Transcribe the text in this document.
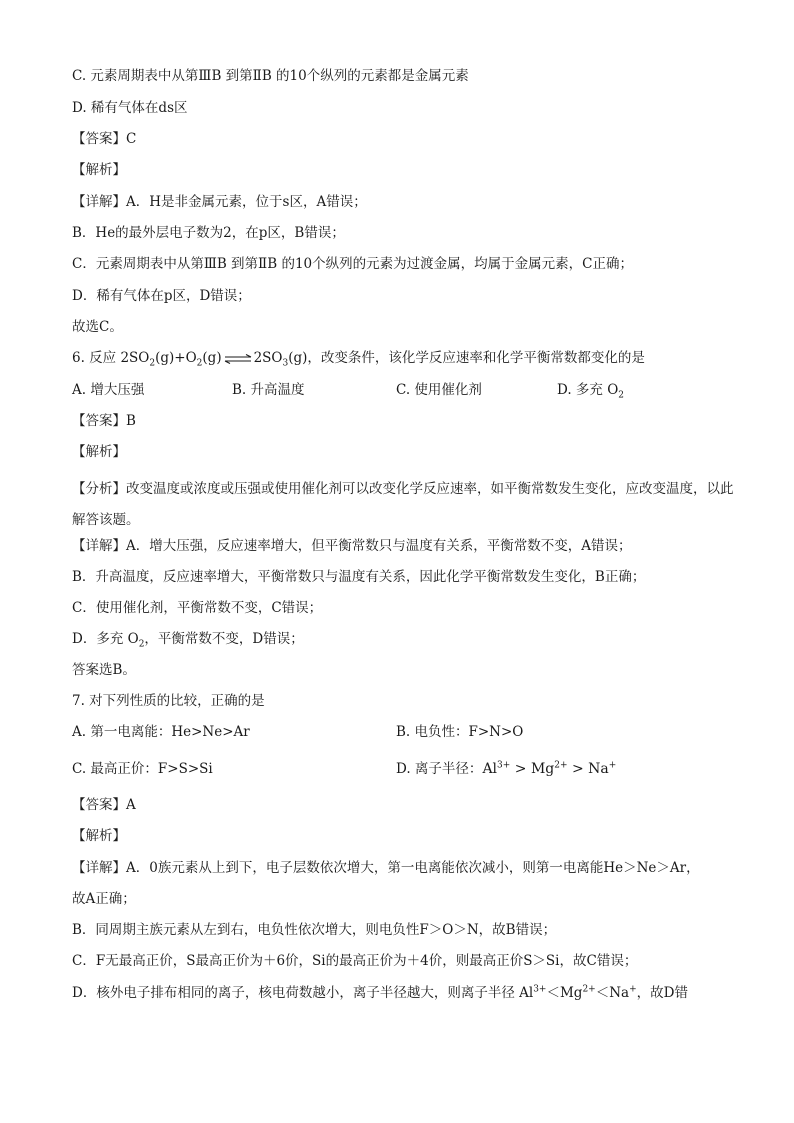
C. 元素周期表中从第ⅢB 到第ⅡB 的10个纵列的元素都是金属元素
D. 稀有气体在ds区
【答案】C
【解析】
【详解】A．H是非金属元素，位于s区，A错误；
B．He的最外层电子数为2，在p区，B错误；
C．元素周期表中从第ⅢB 到第ⅡB 的10个纵列的元素为过渡金属，均属于金属元素，C正确；
D．稀有气体在p区，D错误；
故选C。
6. 反应 $2SO_2(g)+O_2(g)$ ⇌ $2SO_3(g)$，改变条件，该化学反应速率和化学平衡常数都变化的是
A. 增大压强	B. 升高温度	C. 使用催化剂	D. 多充 $O_2$
【答案】B
【解析】
【分析】改变温度或浓度或压强或使用催化剂可以改变化学反应速率，如平衡常数发生变化，应改变温度，以此解答该题。
【详解】A．增大压强，反应速率增大，但平衡常数只与温度有关系，平衡常数不变，A错误；
B．升高温度，反应速率增大，平衡常数只与温度有关系，因此化学平衡常数发生变化，B正确；
C．使用催化剂，平衡常数不变，C错误；
D．多充 $O_2$，平衡常数不变，D错误；
答案选B。
7. 对下列性质的比较，正确的是
A. 第一电离能：He>Ne>Ar	B. 电负性：F>N>O
C. 最高正价：F>S>Si	D. 离子半径：$Al^{3+} > Mg^{2+} > Na^+$
【答案】A
【解析】
【详解】A．0族元素从上到下，电子层数依次增大，第一电离能依次减小，则第一电离能He＞Ne＞Ar，
故A正确；
B．同周期主族元素从左到右，电负性依次增大，则电负性F＞O＞N，故B错误；
C．F无最高正价，S最高正价为＋6价，Si的最高正价为＋4价，则最高正价S＞Si，故C错误；
D．核外电子排布相同的离子，核电荷数越小，离子半径越大，则离子半径 $Al^{3+}<Mg^{2+}<Na^+$，故D错
